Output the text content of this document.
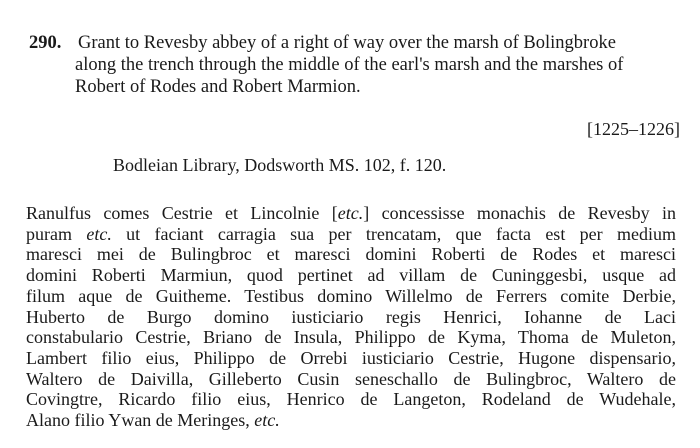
290. Grant to Revesby abbey of a right of way over the marsh of Bolingbroke
along the trench through the middle of the earl's marsh and the marshes of
Robert of Rodes and Robert Marmion.
[1225–1226]
Bodleian Library, Dodsworth MS. 102, f. 120.
Ranulfus comes Cestrie et Lincolnie [etc.] concessisse monachis de Revesby in
puram etc. ut faciant carragia sua per trencatam, que facta est per medium
maresci mei de Bulingbroc et maresci domini Roberti de Rodes et maresci
domini Roberti Marmiun, quod pertinet ad villam de Cuninggesbi, usque ad
filum aque de Guitheme. Testibus domino Willelmo de Ferrers comite Derbie,
Huberto de Burgo domino iusticiario regis Henrici, Iohanne de Laci
constabulario Cestrie, Briano de Insula, Philippo de Kyma, Thoma de Muleton,
Lambert filio eius, Philippo de Orrebi iusticiario Cestrie, Hugone dispensario,
Waltero de Daivilla, Gilleberto Cusin seneschallo de Bulingbroc, Waltero de
Covingtre, Ricardo filio eius, Henrico de Langeton, Rodeland de Wudehale,
Alano filio Ywan de Meringes, etc.
